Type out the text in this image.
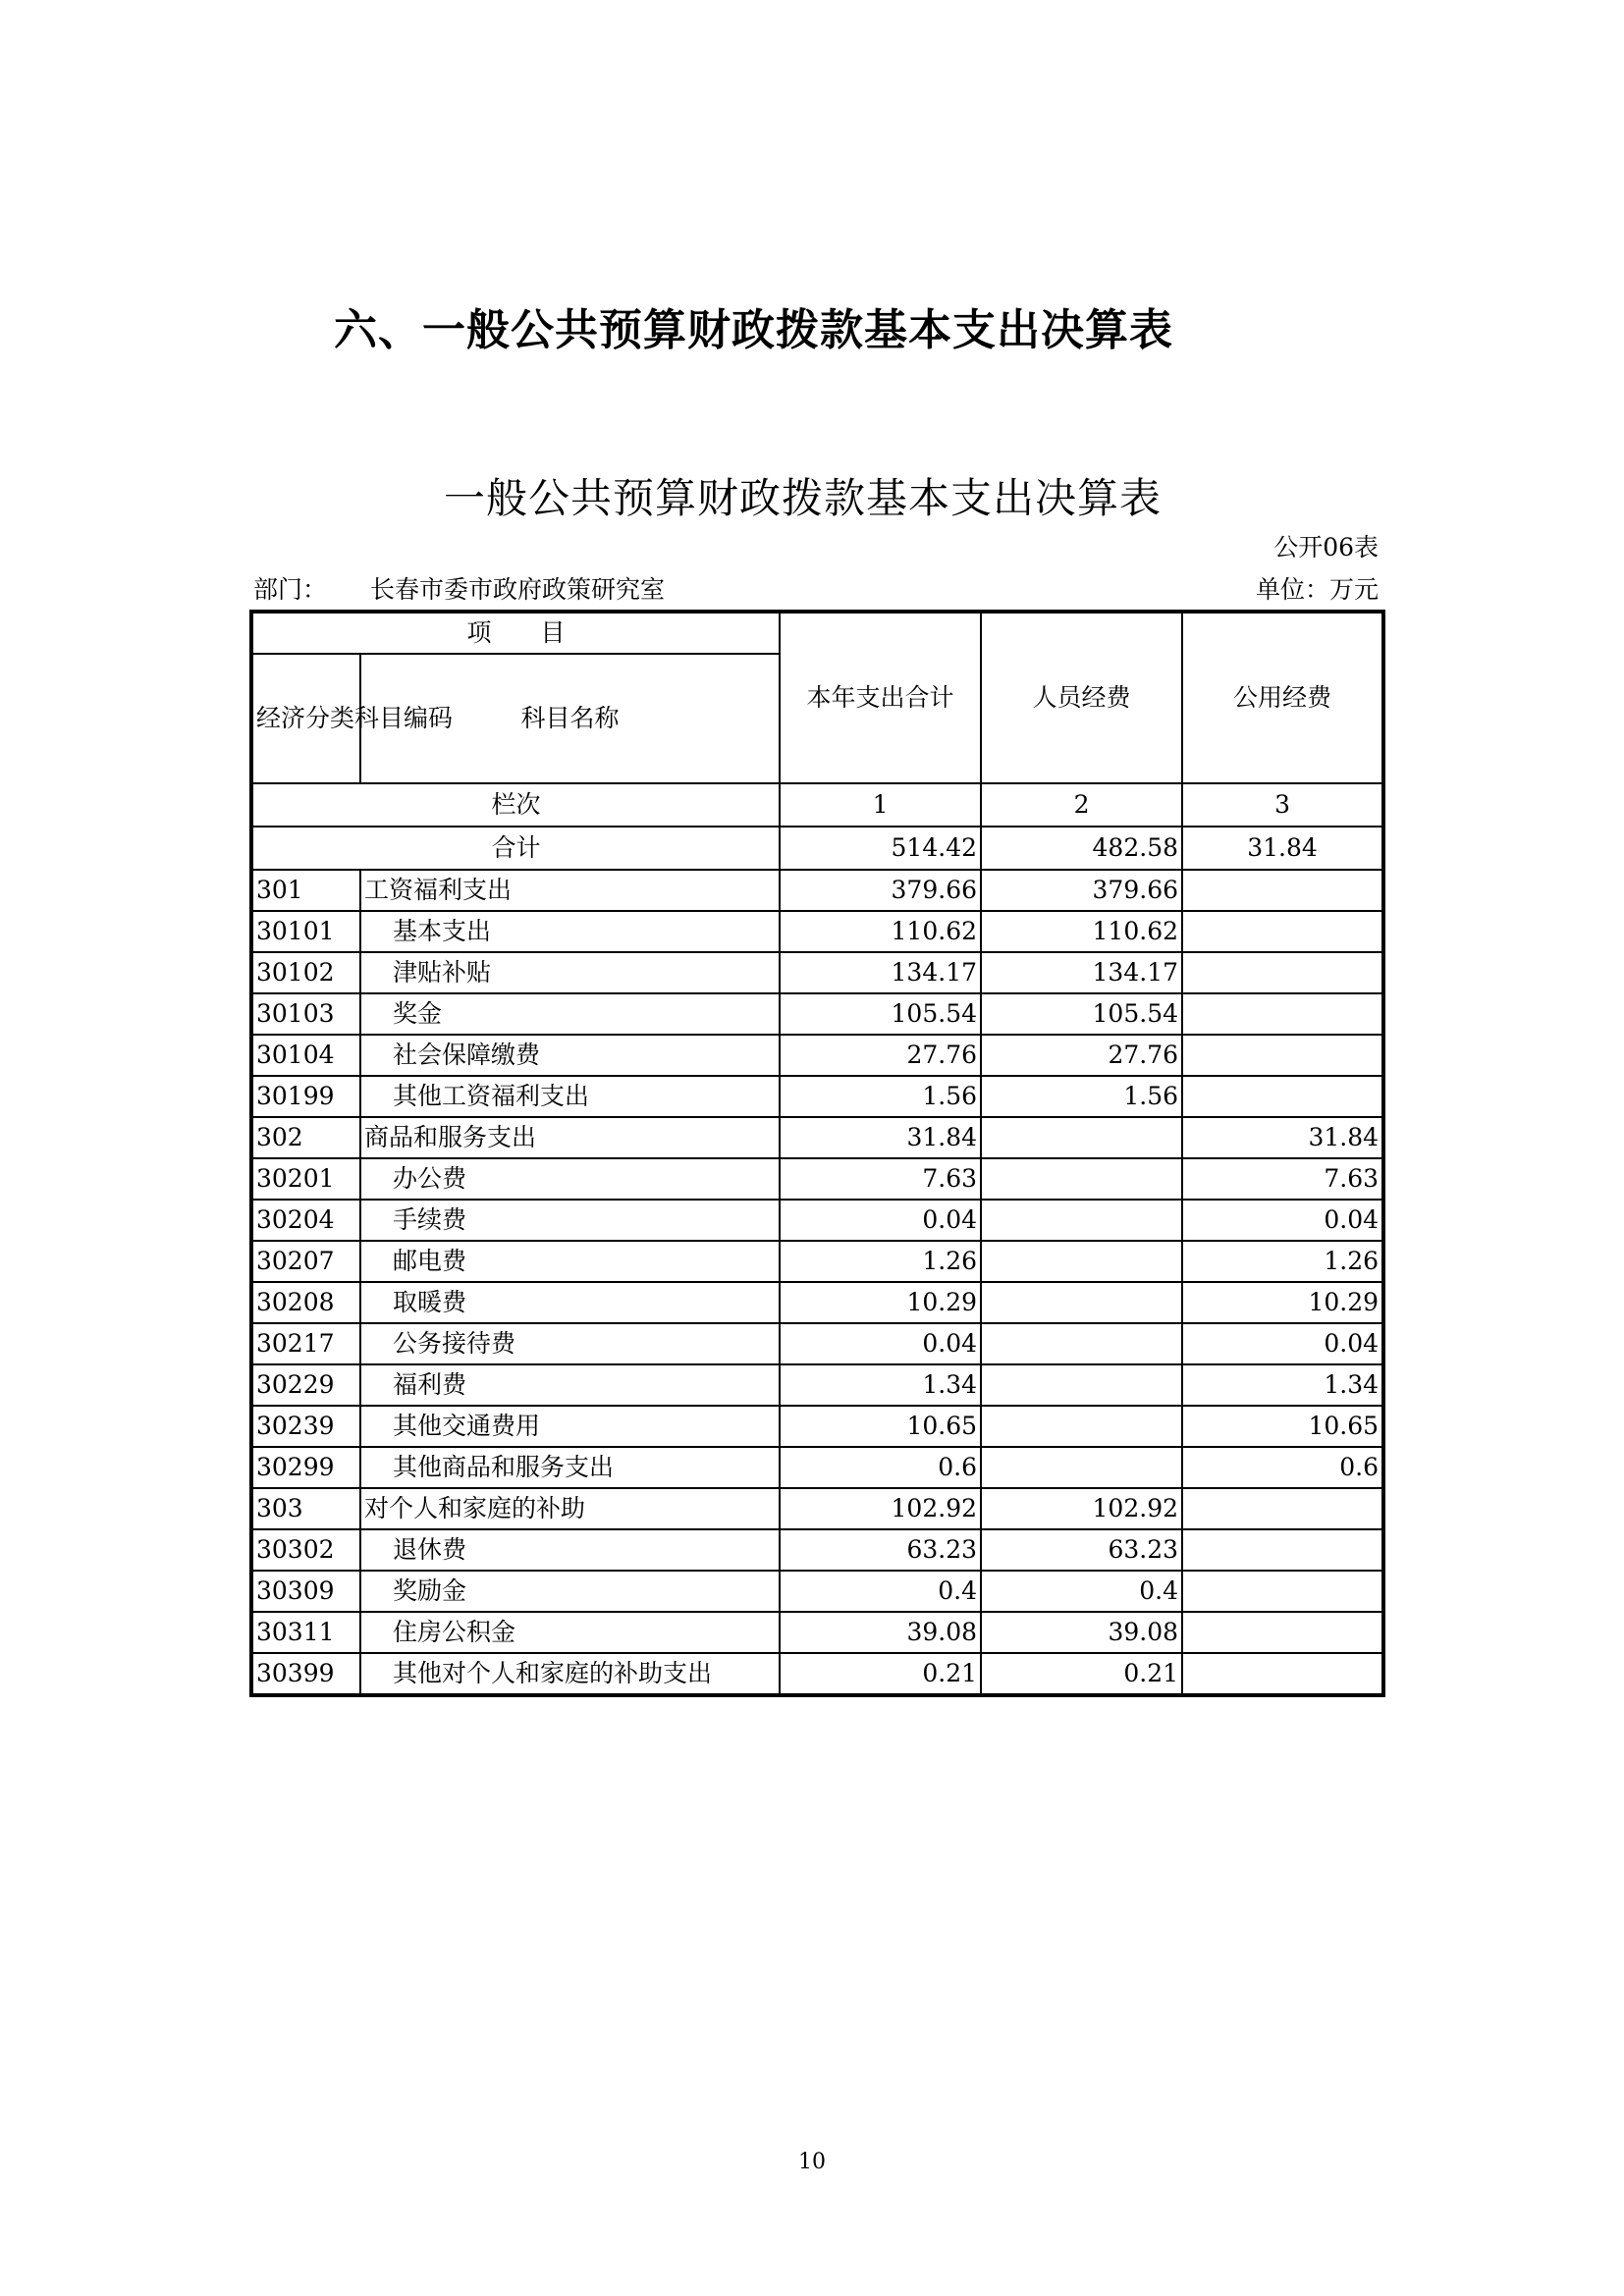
六、一般公共预算财政拨款基本支出决算表
一般公共预算财政拨款基本支出决算表
公开06表
部门： 长春市委市政府政策研究室	单位：万元
项　　目		本年支出合计	人员经费	公用经费
经济分类科目编码	科目名称			
栏次		1	2	3
合计		514.42	482.58	31.84
301	工资福利支出	379.66	379.66	
30101	基本支出	110.62	110.62	
30102	津贴补贴	134.17	134.17	
30103	奖金	105.54	105.54	
30104	社会保障缴费	27.76	27.76	
30199	其他工资福利支出	1.56	1.56	
302	商品和服务支出	31.84		31.84
30201	办公费	7.63		7.63
30204	手续费	0.04		0.04
30207	邮电费	1.26		1.26
30208	取暖费	10.29		10.29
30217	公务接待费	0.04		0.04
30229	福利费	1.34		1.34
30239	其他交通费用	10.65		10.65
30299	其他商品和服务支出	0.6		0.6
303	对个人和家庭的补助	102.92	102.92	
30302	退休费	63.23	63.23	
30309	奖励金	0.4	0.4	
30311	住房公积金	39.08	39.08	
30399	其他对个人和家庭的补助支出	0.21	0.21	
10
